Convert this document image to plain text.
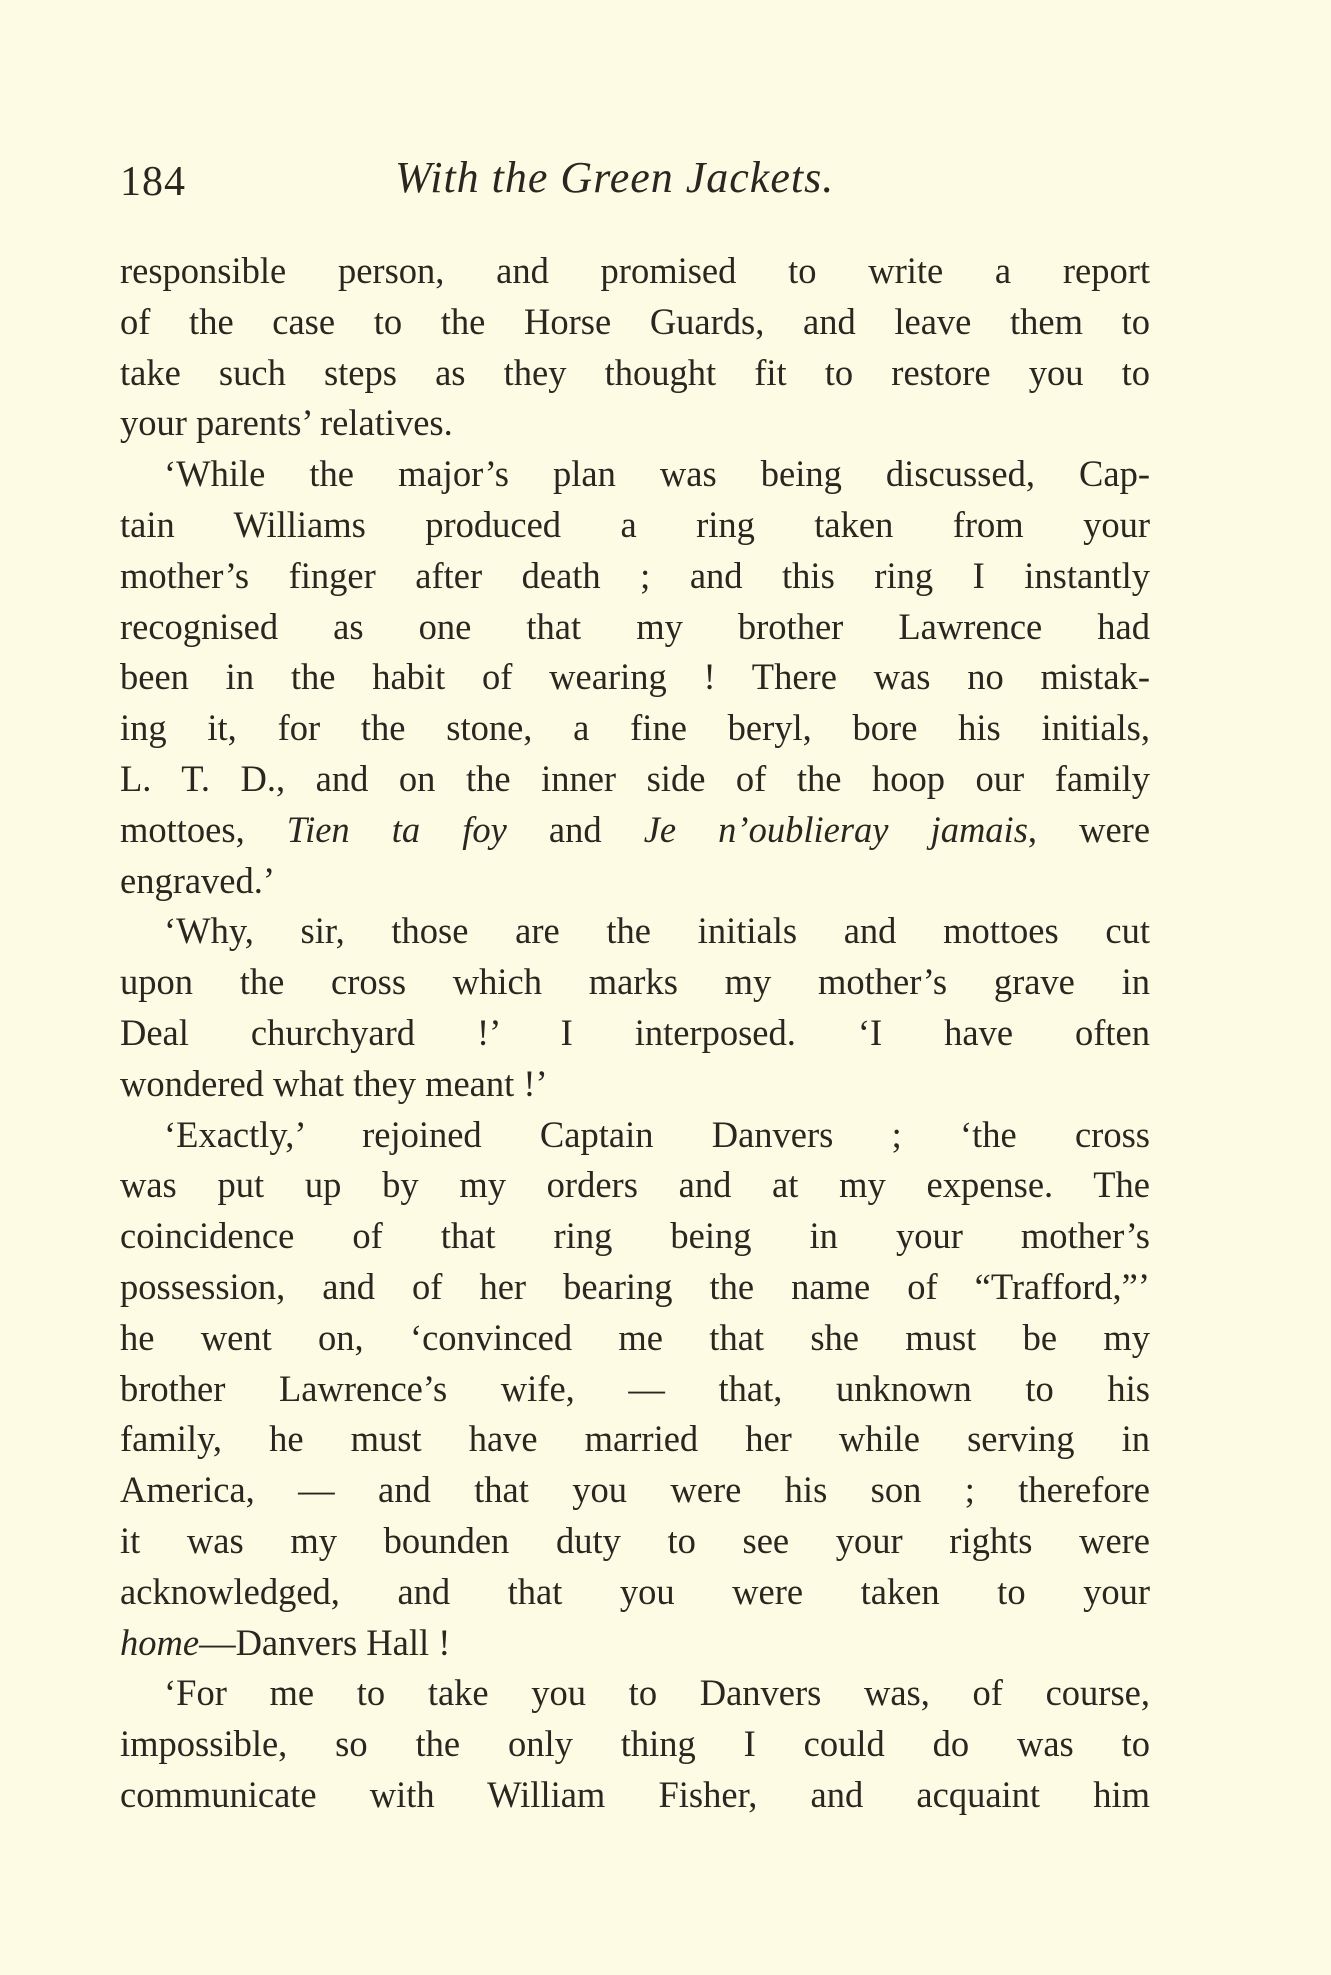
184	With the Green Jackets.
responsible person, and promised to write a report
of the case to the Horse Guards, and leave them to
take such steps as they thought fit to restore you to
your parents’ relatives.
‘While the major’s plan was being discussed, Cap-
tain Williams produced a ring taken from your
mother’s finger after death ; and this ring I instantly
recognised as one that my brother Lawrence had
been in the habit of wearing ! There was no mistak-
ing it, for the stone, a fine beryl, bore his initials,
L. T. D., and on the inner side of the hoop our family
mottoes, Tien ta foy and Je n’oublieray jamais, were
engraved.’
‘Why, sir, those are the initials and mottoes cut
upon the cross which marks my mother’s grave in
Deal churchyard !’ I interposed. ‘I have often
wondered what they meant !’
‘Exactly,’ rejoined Captain Danvers ; ‘the cross
was put up by my orders and at my expense. The
coincidence of that ring being in your mother’s
possession, and of her bearing the name of “Trafford,”’
he went on, ‘convinced me that she must be my
brother Lawrence’s wife, — that, unknown to his
family, he must have married her while serving in
America, — and that you were his son ; therefore
it was my bounden duty to see your rights were
acknowledged, and that you were taken to your
home—Danvers Hall !
‘For me to take you to Danvers was, of course,
impossible, so the only thing I could do was to
communicate with William Fisher, and acquaint him
